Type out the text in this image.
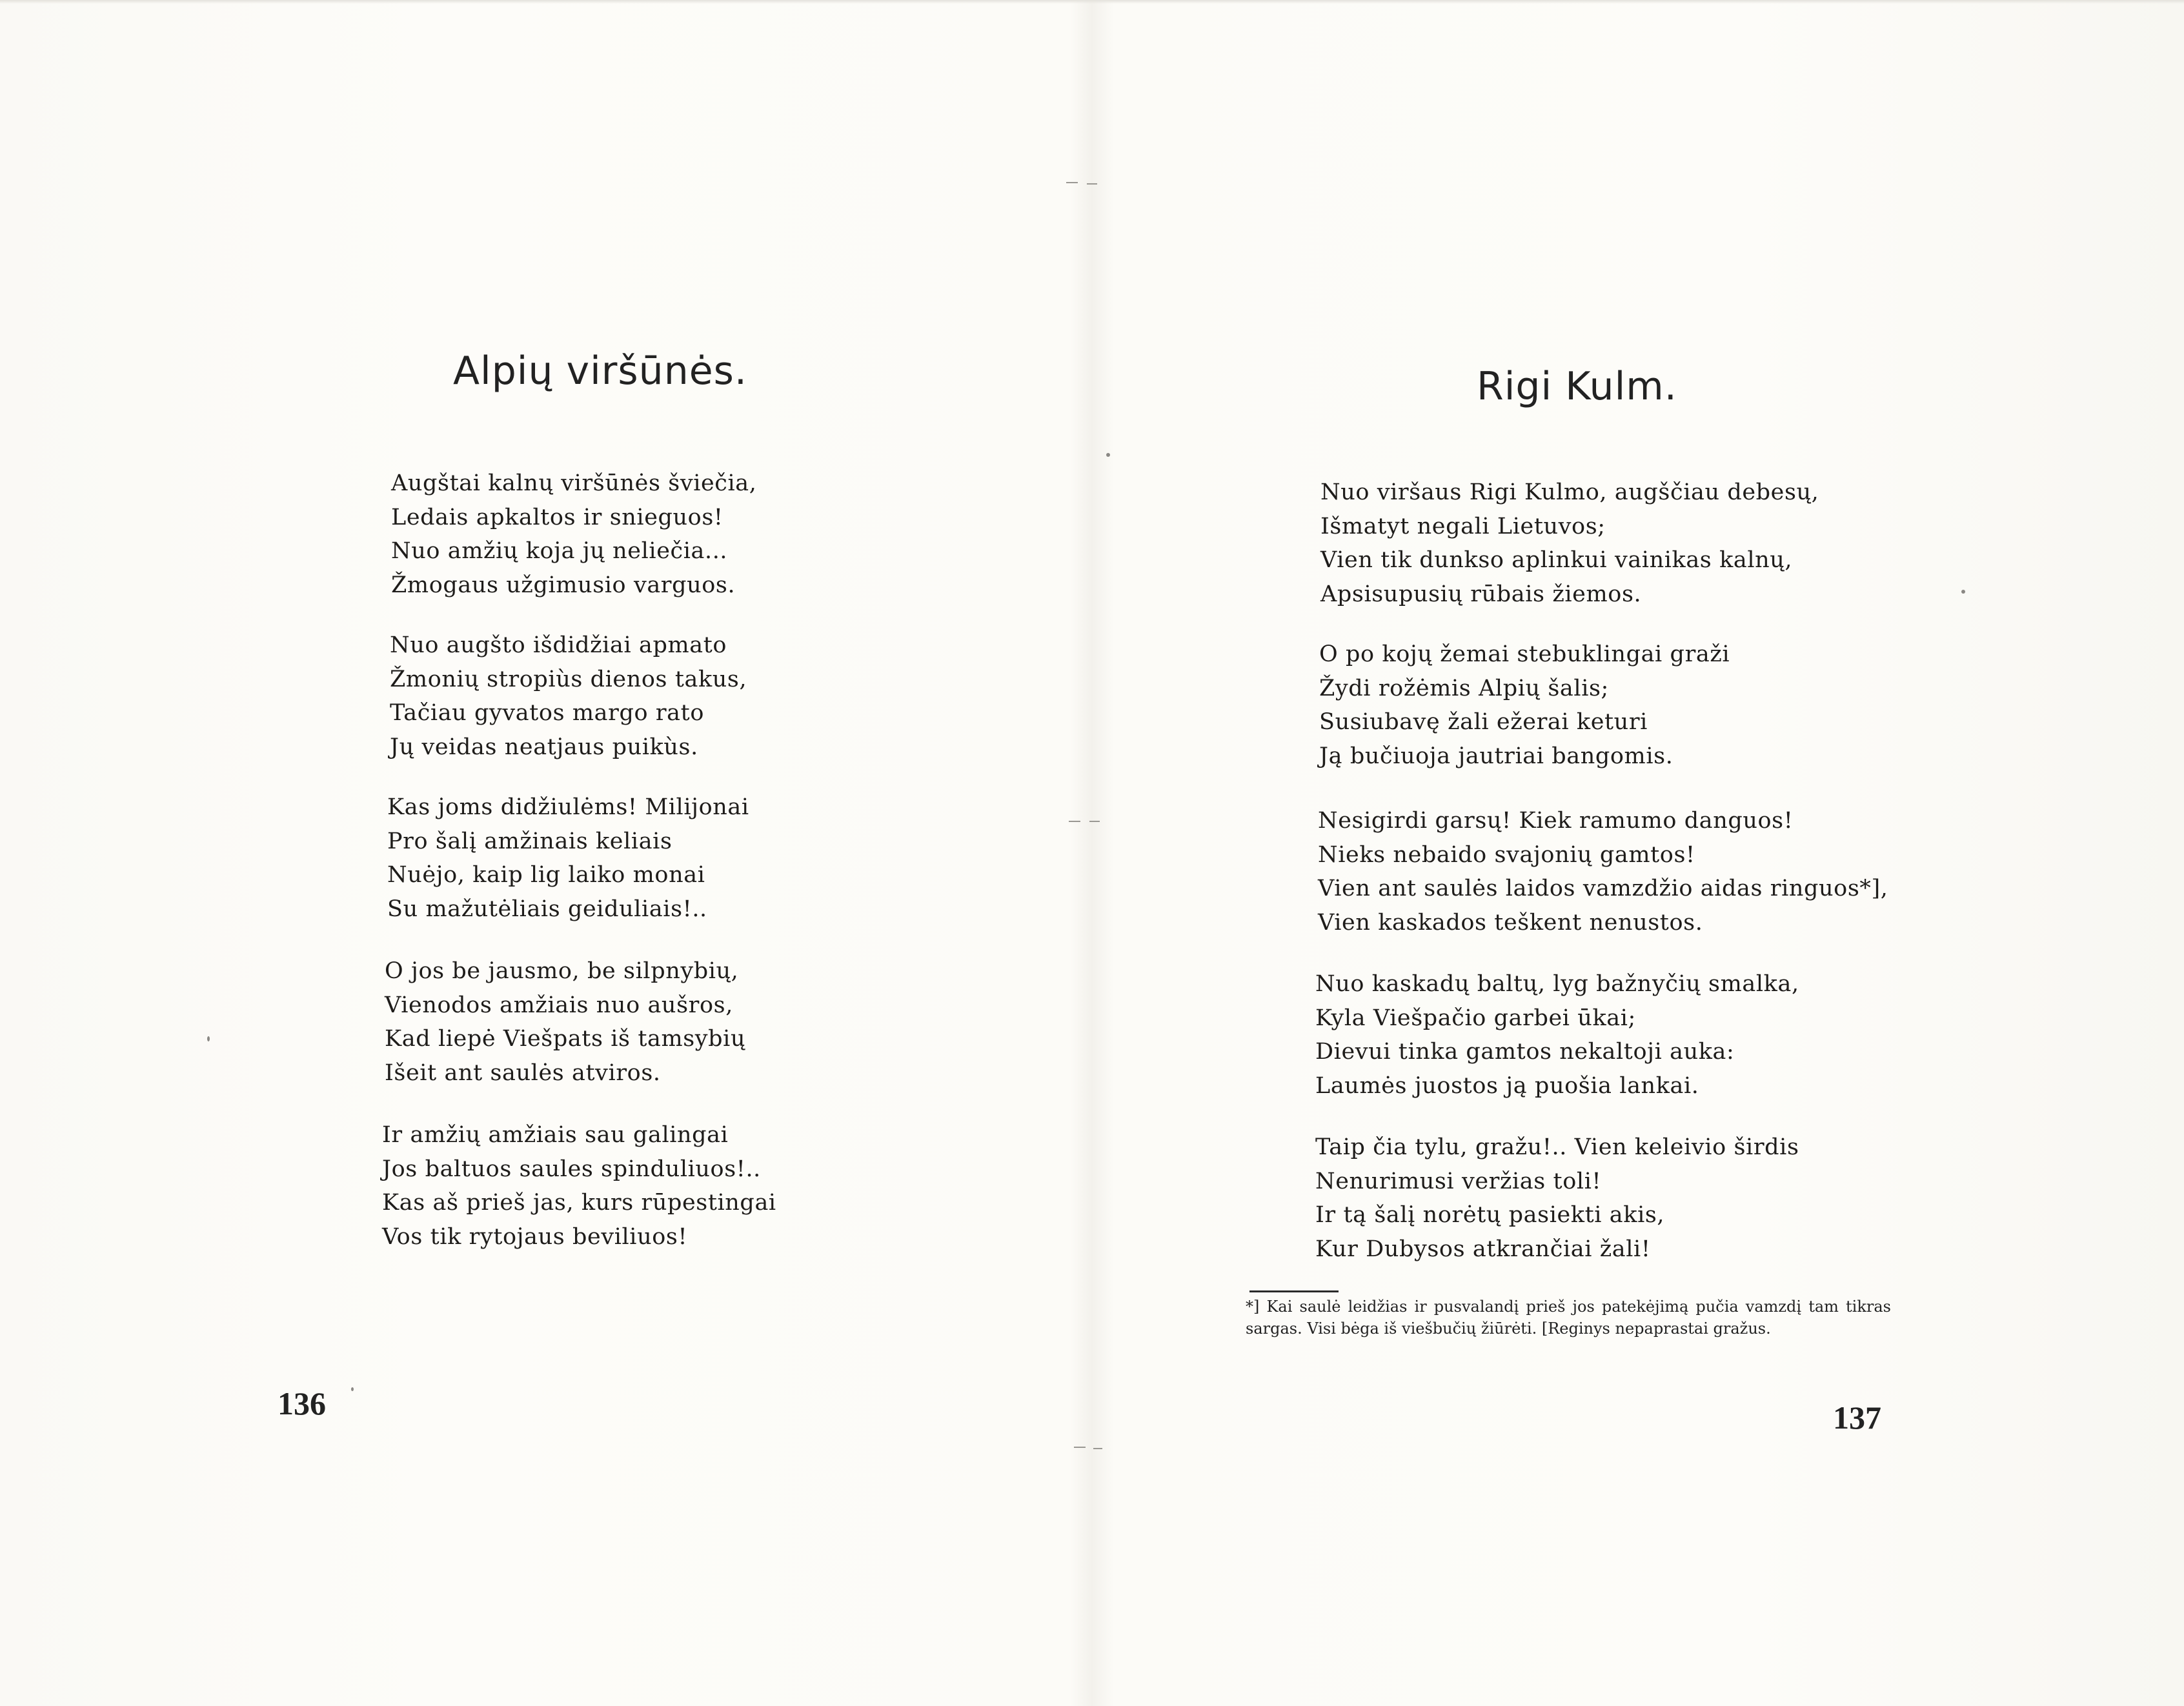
Alpių viršūnės.
Augštai kalnų viršūnės šviečia,
Ledais apkaltos ir snieguos!
Nuo amžių koja jų neliečia...
Žmogaus užgimusio varguos.
Nuo augšto išdidžiai apmato
Žmonių stropiùs dienos takus,
Tačiau gyvatos margo rato
Jų veidas neatjaus puikùs.
Kas joms didžiulėms! Milijonai
Pro šalį amžinais keliais
Nuėjo, kaip lig laiko monai
Su mažutėliais geiduliais!..
O jos be jausmo, be silpnybių,
Vienodos amžiais nuo aušros,
Kad liepė Viešpats iš tamsybių
Išeit ant saulės atviros.
Ir amžių amžiais sau galingai
Jos baltuos saules spinduliuos!..
Kas aš prieš jas, kurs rūpestingai
Vos tik rytojaus beviliuos!
136
Rigi Kulm.
Nuo viršaus Rigi Kulmo, augščiau debesų,
Išmatyt negali Lietuvos;
Vien tik dunkso aplinkui vainikas kalnų,
Apsisupusių rūbais žiemos.
O po kojų žemai stebuklingai graži
Žydi rožėmis Alpių šalis;
Susiubavę žali ežerai keturi
Ją bučiuoja jautriai bangomis.
Nesigirdi garsų! Kiek ramumo danguos!
Nieks nebaido svajonių gamtos!
Vien ant saulės laidos vamzdžio aidas ringuos*],
Vien kaskados teškent nenustos.
Nuo kaskadų baltų, lyg bažnyčių smalka,
Kyla Viešpačio garbei ūkai;
Dievui tinka gamtos nekaltoji auka:
Laumės juostos ją puošia lankai.
Taip čia tylu, gražu!.. Vien keleivio širdis
Nenurimusi veržias toli!
Ir tą šalį norėtų pasiekti akis,
Kur Dubysos atkrančiai žali!
*] Kai saulė leidžias ir pusvalandį prieš jos patekėjimą pučia vamzdį tam tikras sargas. Visi bėga iš viešbučių žiūrėti. [Reginys nepaprastai gražus.
137
